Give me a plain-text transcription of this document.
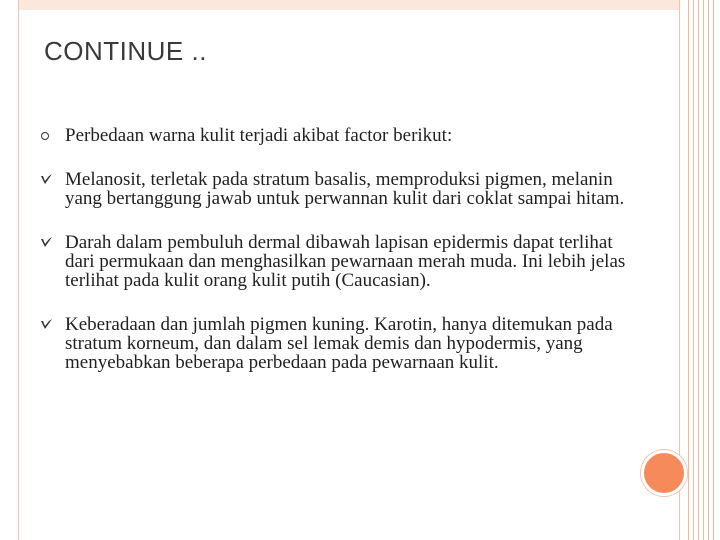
CONTINUE ..
Perbedaan warna kulit terjadi akibat factor berikut:
Melanosit, terletak pada stratum basalis, memproduksi pigmen, melanin yang bertanggung jawab untuk perwannan kulit dari coklat sampai hitam.
Darah dalam pembuluh dermal dibawah lapisan epidermis dapat terlihat dari permukaan dan menghasilkan pewarnaan merah muda. Ini lebih jelas terlihat pada kulit orang kulit putih (Caucasian).
Keberadaan dan jumlah pigmen kuning. Karotin, hanya ditemukan pada stratum korneum, dan dalam sel lemak demis dan hypodermis, yang menyebabkan beberapa perbedaan pada pewarnaan kulit.
